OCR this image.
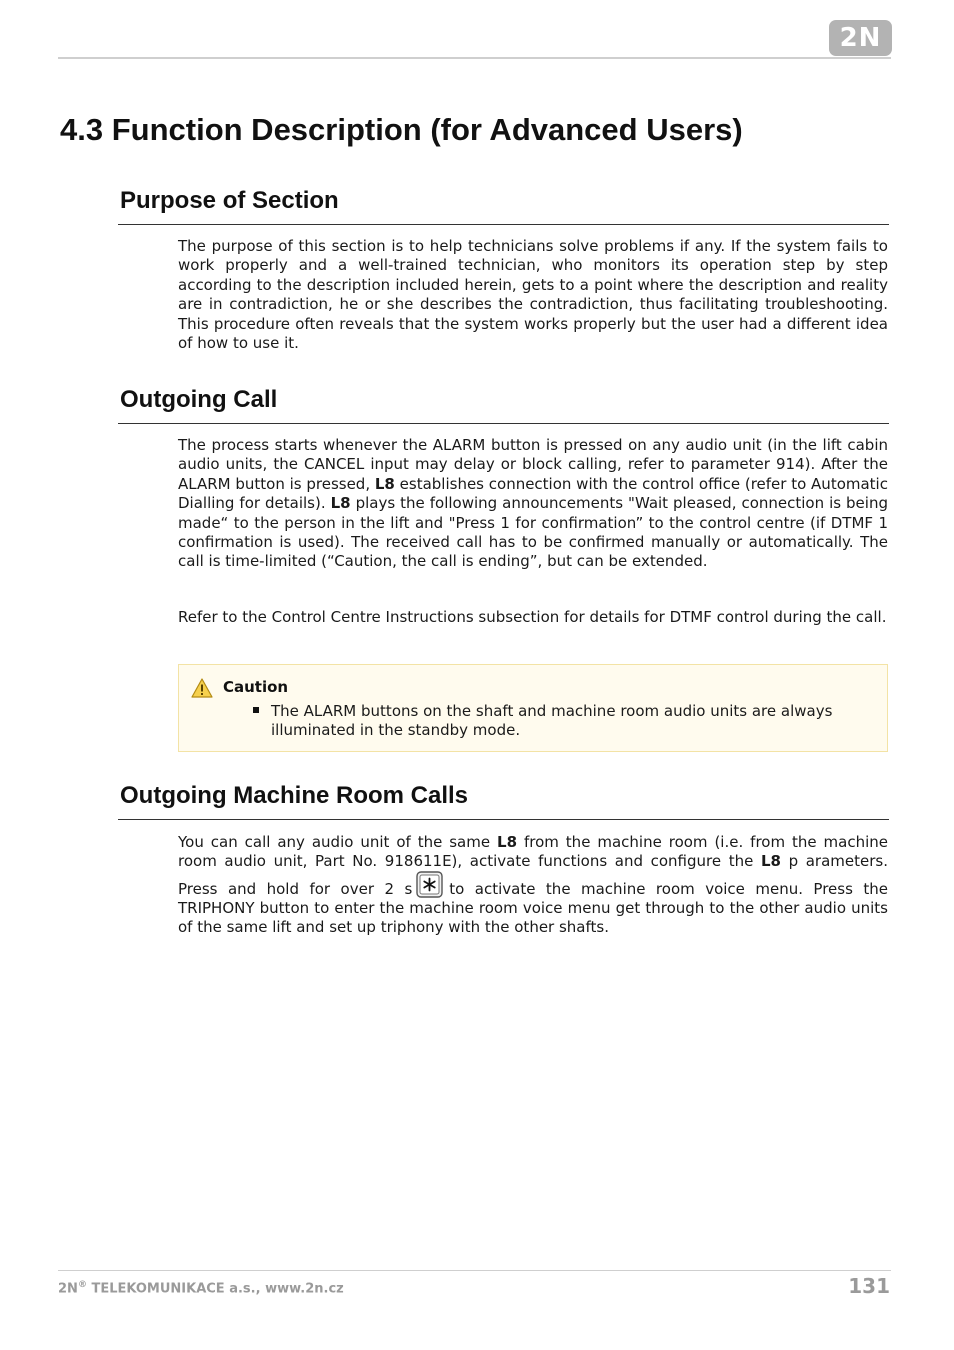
2N
4.3 Function Description (for Advanced Users)
Purpose of Section

The purpose of this section is to help technicians solve problems if any. If the system fails to work properly and a well-trained technician, who monitors its operation step by step according to the description included herein, gets to a point where the description and reality are in contradiction, he or she describes the contradiction, thus facilitating troubleshooting. This procedure often reveals that the system works properly but the user had a different idea of how to use it.

Outgoing Call

The process starts whenever the ALARM button is pressed on any audio unit (in the lift cabin audio units, the CANCEL input may delay or block calling, refer to parameter 914). After the ALARM button is pressed, L8 establishes connection with the control office (refer to Automatic Dialling for details). L8 plays the following announcements "Wait pleased, connection is being made“ to the person in the lift and "Press 1 for confirmation” to the control centre (if DTMF 1 confirmation is used). The received call has to be confirmed manually or automatically. The call is time-limited (“Caution, the call is ending”, but can be extended.

Refer to the Control Centre Instructions subsection for details for DTMF control during the call.

Caution
The ALARM buttons on the shaft and machine room audio units are always illuminated in the standby mode.
Outgoing Machine Room Calls

You can call any audio unit of the same L8 from the machine room (i.e. from the machine room audio unit, Part No. 918611E), activate functions and configure the L8 p arameters. Press and hold for over 2 s to activate the machine room voice menu. Press the TRIPHONY button to enter the machine room voice menu get through to the other audio units of the same lift and set up triphony with the other shafts.

2N® TELEKOMUNIKACE a.s., www.2n.cz	131
